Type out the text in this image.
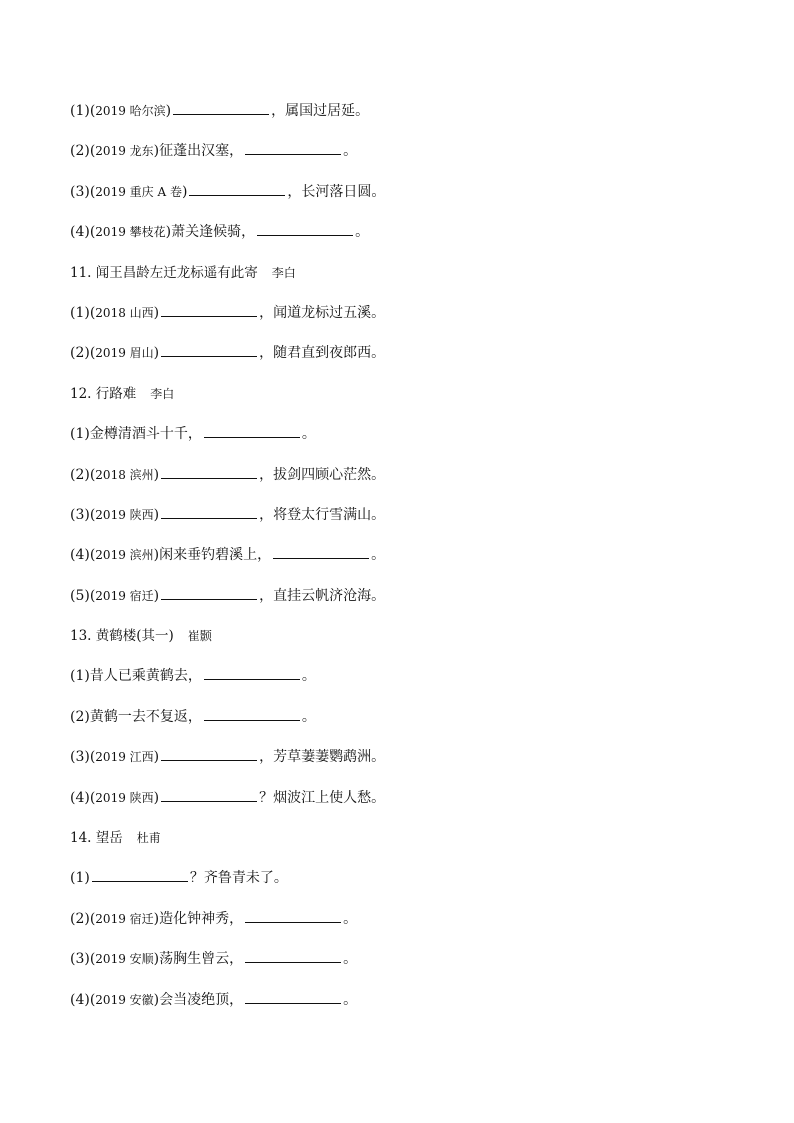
(1)( 2019 哈尔滨 )	，属国过居延。
(2)( 2019 龙东 )征蓬出汉塞，	。
(3)( 2019 重庆 A 卷 )	，长河落日圆。
(4)( 2019 攀枝花 )萧关逢候骑，	。
11. 闻王昌龄左迁龙标遥有此寄 李白
(1)( 2018 山西 )	，闻道龙标过五溪。
(2)( 2019 眉山 )	，随君直到夜郎西。
12. 行路难 李白
(1)金樽清酒斗十千，	。
(2)( 2018 滨州 )	，拔剑四顾心茫然。
(3)( 2019 陕西 )	，将登太行雪满山。
(4)( 2019 滨州 )闲来垂钓碧溪上，	。
(5)( 2019 宿迁 )	，直挂云帆济沧海。
13. 黄鹤楼(其一) 崔颢
(1)昔人已乘黄鹤去，	。
(2)黄鹤一去不复返，	。
(3)( 2019 江西 )	，芳草萋萋鹦鹉洲。
(4)( 2019 陕西 )	？烟波江上使人愁。
14. 望岳 杜甫
(1)	？齐鲁青未了。
(2)( 2019 宿迁 )造化钟神秀，	。
(3)( 2019 安顺 )荡胸生曾云，	。
(4)( 2019 安徽 )会当凌绝顶，	。
